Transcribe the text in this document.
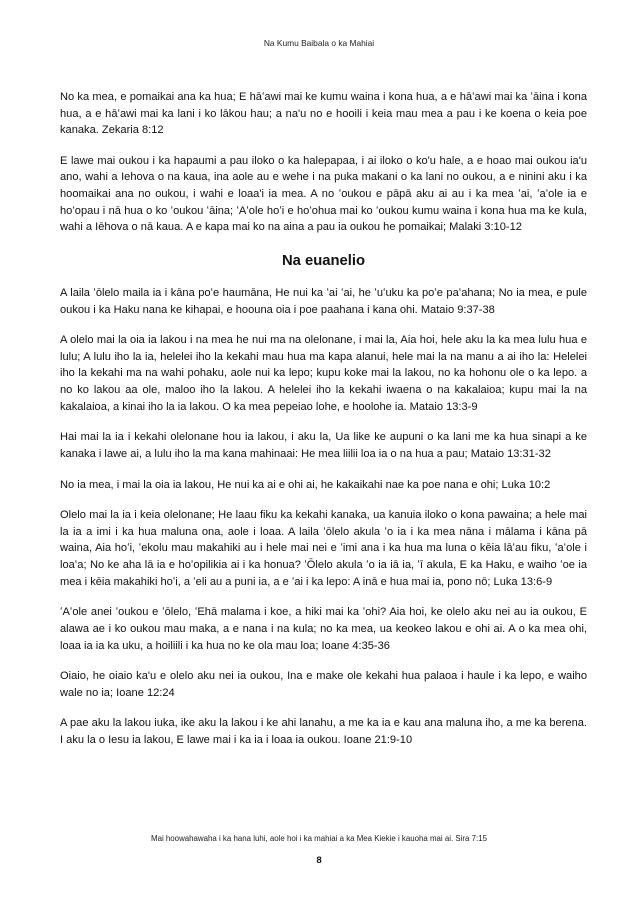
Na Kumu Baibala o ka Mahiai

No ka mea, e pomaikai ana ka hua; E hāʻawi mai ke kumu waina i kona hua, a e hāʻawi mai ka ʻāina i kona hua, a e hāʻawi mai ka lani i ko lākou hau; a na'u no e hooili i keia mau mea a pau i ke koena o keia poe kanaka. Zekaria 8:12

E lawe mai oukou i ka hapaumi a pau iloko o ka halepapaa, i ai iloko o ko'u hale, a e hoao mai oukou ia'u ano, wahi a Iehova o na kaua, ina aole au e wehe i na puka makani o ka lani no oukou, a e ninini aku i ka hoomaikai ana no oukou, i wahi e loaa'i ia mea. A no ʻoukou e pāpā aku ai au i ka mea ʻai, ʻaʻole ia e hoʻopau i nā hua o ko ʻoukou ʻāina; ʻAʻole hoʻi e hoʻohua mai ko ʻoukou kumu waina i kona hua ma ke kula, wahi a Iēhova o nā kaua. A e kapa mai ko na aina a pau ia oukou he pomaikai; Malaki 3:10-12

Na euanelio

A laila ʻōlelo maila ia i kāna poʻe haumāna, He nui ka ʻai ʻai, he ʻuʻuku ka poʻe paʻahana; No ia mea, e pule oukou i ka Haku nana ke kihapai, e hoouna oia i poe paahana i kana ohi. Mataio 9:37-38

A olelo mai la oia ia lakou i na mea he nui ma na olelonane, i mai la, Aia hoi, hele aku la ka mea lulu hua e lulu; A lulu iho la ia, helelei iho la kekahi mau hua ma kapa alanui, hele mai la na manu a ai iho la: Helelei iho la kekahi ma na wahi pohaku, aole nui ka lepo; kupu koke mai la lakou, no ka hohonu ole o ka lepo. a no ko lakou aa ole, maloo iho la lakou. A helelei iho la kekahi iwaena o na kakalaioa; kupu mai la na kakalaioa, a kinai iho la ia lakou. O ka mea pepeiao lohe, e hoolohe ia. Mataio 13:3-9

Hai mai la ia i kekahi olelonane hou ia lakou, i aku la, Ua like ke aupuni o ka lani me ka hua sinapi a ke kanaka i lawe ai, a lulu iho la ma kana mahinaai: He mea liilii loa ia o na hua a pau; Mataio 13:31-32

No ia mea, i mai la oia ia lakou, He nui ka ai e ohi ai, he kakaikahi nae ka poe nana e ohi; Luka 10:2

Olelo mai la ia i keia olelonane; He laau fiku ka kekahi kanaka, ua kanuia iloko o kona pawaina; a hele mai la ia a imi i ka hua maluna ona, aole i loaa. A laila ʻōlelo akula ʻo ia i ka mea nāna i mālama i kāna pā waina, Aia hoʻi, ʻekolu mau makahiki au i hele mai nei e ʻimi ana i ka hua ma luna o kēia lāʻau fiku, ʻaʻole i loaʻa; No ke aha lā ia e hoʻopilikia ai i ka honua? ʻŌlelo akula ʻo ia iā ia, ʻī akula, E ka Haku, e waiho ʻoe ia mea i kēia makahiki hoʻi, a ʻeli au a puni ia, a e ʻai i ka lepo: A inā e hua mai ia, pono nō; Luka 13:6-9

ʻAʻole anei ʻoukou e ʻōlelo, ʻEhā malama i koe, a hiki mai ka ʻohi? Aia hoi, ke olelo aku nei au ia oukou, E alawa ae i ko oukou mau maka, a e nana i na kula; no ka mea, ua keokeo lakou e ohi ai. A o ka mea ohi, loaa ia ia ka uku, a hoiliili i ka hua no ke ola mau loa; Ioane 4:35-36

Oiaio, he oiaio ka'u e olelo aku nei ia oukou, Ina e make ole kekahi hua palaoa i haule i ka lepo, e waiho wale no ia; Ioane 12:24

A pae aku la lakou iuka, ike aku la lakou i ke ahi lanahu, a me ka ia e kau ana maluna iho, a me ka berena. I aku la o Iesu ia lakou, E lawe mai i ka ia i loaa ia oukou. Ioane 21:9-10

Mai hoowahawaha i ka hana luhi, aole hoi i ka mahiai a ka Mea Kiekie i kauoha mai ai. Sira 7:15
8
